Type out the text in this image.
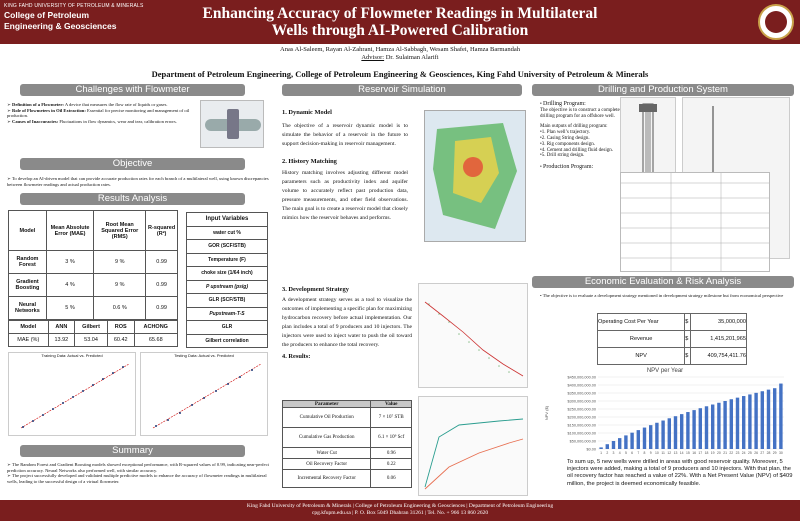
KING FAHD UNIVERSITY OF PETROLEUM & MINERALS
College of Petroleum
Engineering & Geosciences
Enhancing Accuracy of Flowmeter Readings in Multilateral
Wells through AI-Powered Calibration
Anas Al-Saleem, Rayan Al-Zahrani, Hamza Al-Sabbagh, Wesam Shafei, Hamza Barmandah
Advisor: Dr. Sulaiman Alarifi
Department of Petroleum Engineering, College of Petroleum Engineering & Geosciences, King Fahd University of Petroleum & Minerals
Challenges with Flowmeter
➢ Definition of a Flowmeter: A device that measures the flow rate of liquids or gases.
➢ Role of Flowmeters in Oil Extraction: Essential for precise monitoring and management of oil production.
➢ Causes of Inaccuracies: Fluctuations in flow dynamics, wear and tear, calibration errors.
Objective
➢ To develop an AI-driven model that can provide accurate production rates for each branch of a multilateral well, using known discrepancies between flowmeter readings and actual production rates.
Results Analysis
Model	Mean Absolute Error (MAE)	Root Mean Squared Error (RMS)	R-squared (R²)
Random Forest	3 %	9 %	0.99
Gradient Boosting	4 %	9 %	0.99
Neural Networks	5 %	0.6 %	0.99
Model	ANN	Gilbert	ROS	ACHONG
MAE (%)	13.92	53.04	60.42	65.68
Input Variables
water cut %
GOR (SCF/STB)
Temperature (F)
choke size (1/64 inch)
P upstream (psig)
GLR (SCF/STB)
Pupstream-T-S
GLR
Gilbert correlation
Training Data: Actual vs. Predicted	Testing Data: Actual vs. Predicted
Summary
➢ The Random Forest and Gradient Boosting models showed exceptional performance, with R-squared values of 0.99, indicating near-perfect prediction accuracy. Neural Networks also performed well, with similar accuracy.
➢ The project successfully developed and validated multiple predictive models to enhance the accuracy of flowmeter readings in multilateral wells, leading to the successful design of a virtual flowmeter.
Reservoir Simulation
1. Dynamic Model
The objective of a reservoir dynamic model is to simulate the behavior of a reservoir in the future to support decision-making in reservoir management.
2. History Matching
History matching involves adjusting different model parameters such as productivity index and aquifer volume to accurately reflect past production data, pressure measurements, and other field observations. The main goal is to create a reservoir model that closely mimics how the reservoir behaves and performs.
3. Development Strategy
A development strategy serves as a tool to visualize the outcomes of implementing a specific plan for maximizing hydrocarbon recovery before actual implementation. Our plan includes a total of 9 producers and 10 injectors. The injectors were used to inject water to push the oil toward the producers to enhance the total recovery.
4. Results:
Parameter	Value
Cumulative Oil Production	7 × 10⁷ STB
Cumulative Gas Production	6.1 × 10⁹ Scf
Water Cut	0.96
Oil Recovery Factor	0.22
Incremental Recovery Factor	0.06
Drilling and Production System
• Drilling Program:
The objective is to construct a complete drilling program for an offshore well.
Main outputs of drilling program:
•1. Plan well’s trajectory.
•2. Casing String design.
•3. Rig components design.
•4. Cement and drilling fluid design.
•5. Drill string design.
• Production Program:
Economic Evaluation & Risk Analysis
• The objective is to evaluate a development strategy mentioned in development strategy milestone but from economical perspective
Operating Cost Per Year	$	35,000,000
Revenue	$	1,415,201,965
NPV	$	409,754,411.76
NPV per Year
NPV ($)
$450,000,000.00
$400,000,000.00
$350,000,000.00
$300,000,000.00
$250,000,000.00
$200,000,000.00
$150,000,000.00
$100,000,000.00
$50,000,000.00
$0.00
1 2 3 4 5 6 7 8 9 10 11 12 13 14 15 16 17 18 19 20 21 22 23 24 25 26 27 28 29 30
To sum up, 5 new wells were drilled in areas with good reservoir quality. Moreover, 5 injectors were added, making a total of 9 producers and 10 injectors. With that plan, the oil recovery factor has reached a value of 22%. With a Net Present Value (NPV) of $409 million, the project is deemed economically feasible.
King Fahd University of Petroleum & Minerals | College of Petroleum Engineering & Geosciences | Department of Petroleum Engineering
cpg.kfupm.edu.sa | P. O. Box 5049 Dhahran 31261 | Tel. No. + 966 13 860 2620
